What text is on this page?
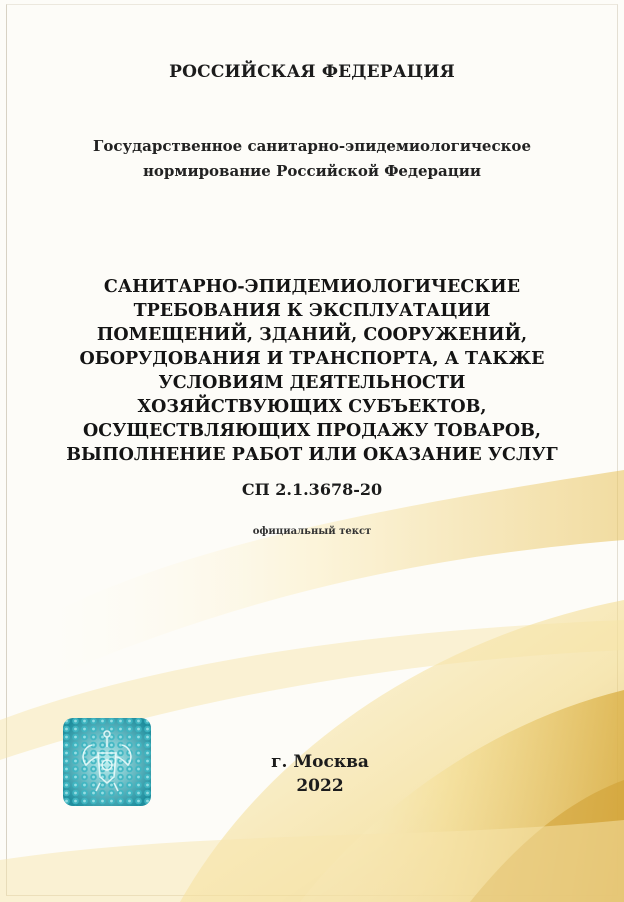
РОССИЙСКАЯ ФЕДЕРАЦИЯ
Государственное санитарно-эпидемиологическое
нормирование Российской Федерации
САНИТАРНО-ЭПИДЕМИОЛОГИЧЕСКИЕ
ТРЕБОВАНИЯ К ЭКСПЛУАТАЦИИ
ПОМЕЩЕНИЙ, ЗДАНИЙ, СООРУЖЕНИЙ,
ОБОРУДОВАНИЯ И ТРАНСПОРТА, А ТАКЖЕ
УСЛОВИЯМ ДЕЯТЕЛЬНОСТИ
ХОЗЯЙСТВУЮЩИХ СУБЪЕКТОВ,
ОСУЩЕСТВЛЯЮЩИХ ПРОДАЖУ ТОВАРОВ,
ВЫПОЛНЕНИЕ РАБОТ ИЛИ ОКАЗАНИЕ УСЛУГ
СП 2.1.3678-20
официальный текст
г. Москва
2022
